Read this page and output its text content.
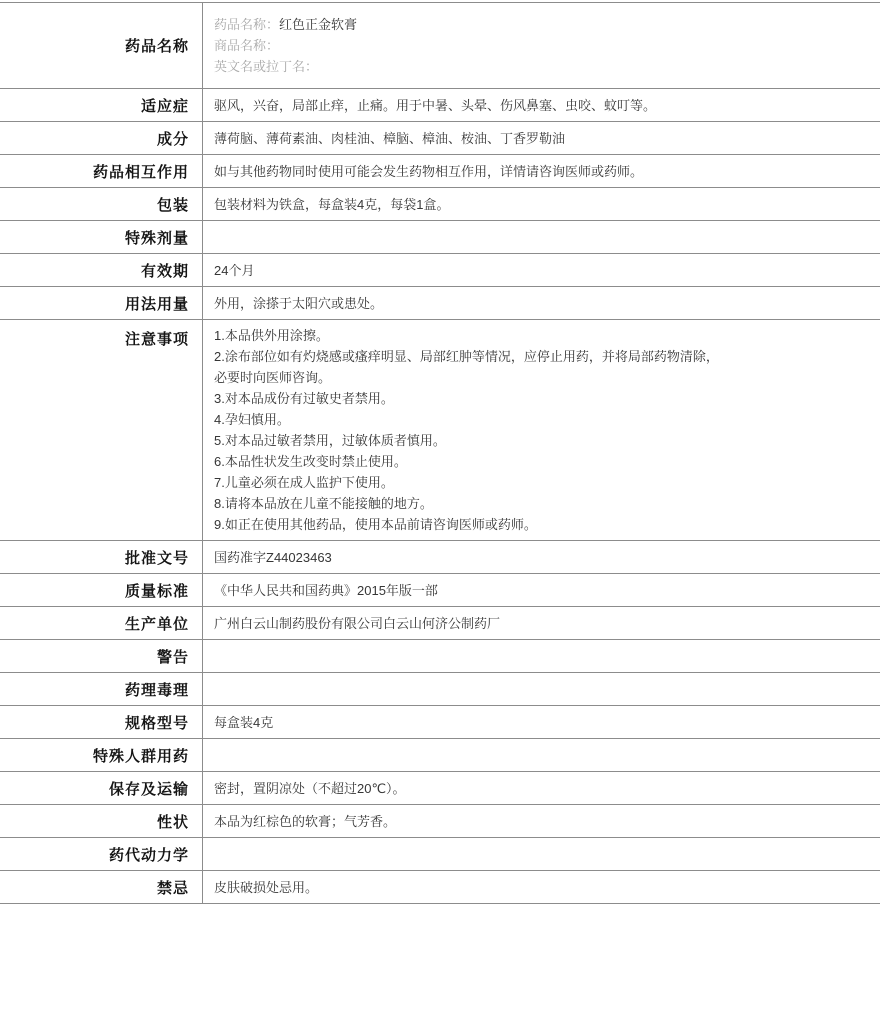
药品名称
药品名称：红色正金软膏
商品名称：
英文名或拉丁名：
适应症	驱风，兴奋，局部止痒，止痛。用于中暑、头晕、伤风鼻塞、虫咬、蚊叮等。
成分	薄荷脑、薄荷素油、肉桂油、樟脑、樟油、桉油、丁香罗勒油
药品相互作用	如与其他药物同时使用可能会发生药物相互作用，详情请咨询医师或药师。
包装	包装材料为铁盒，每盒装4克，每袋1盒。
特殊剂量
有效期	24个月
用法用量	外用，涂搽于太阳穴或患处。
注意事项	1.本品供外用涂擦。
2.涂布部位如有灼烧感或瘙痒明显、局部红肿等情况，应停止用药，并将局部药物清除，
必要时向医师咨询。
3.对本品成份有过敏史者禁用。
4.孕妇慎用。
5.对本品过敏者禁用，过敏体质者慎用。
6.本品性状发生改变时禁止使用。
7.儿童必须在成人监护下使用。
8.请将本品放在儿童不能接触的地方。
9.如正在使用其他药品，使用本品前请咨询医师或药师。
批准文号	国药准字Z44023463
质量标准	《中华人民共和国药典》2015年版一部
生产单位	广州白云山制药股份有限公司白云山何济公制药厂
警告
药理毒理
规格型号	每盒装4克
特殊人群用药
保存及运输	密封，置阴凉处（不超过20℃）。
性状	本品为红棕色的软膏；气芳香。
药代动力学
禁忌	皮肤破损处忌用。
